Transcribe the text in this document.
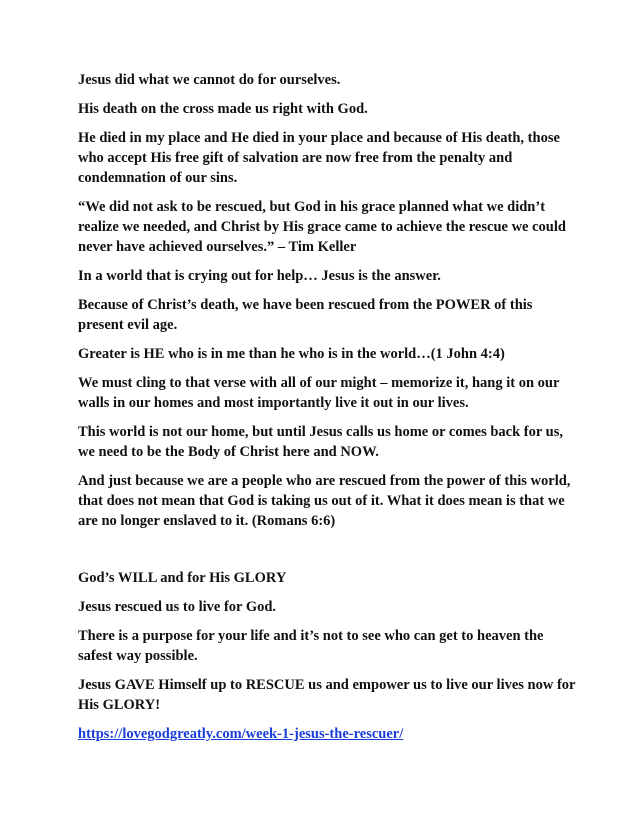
Jesus did what we cannot do for ourselves.

His death on the cross made us right with God.

He died in my place and He died in your place and because of His death, those who accept His free gift of salvation are now free from the penalty and condemnation of our sins.

“We did not ask to be rescued, but God in his grace planned what we didn’t realize we needed, and Christ by His grace came to achieve the rescue we could never have achieved ourselves.” – Tim Keller

In a world that is crying out for help… Jesus is the answer.

Because of Christ’s death, we have been rescued from the POWER of this present evil age.

Greater is HE who is in me than he who is in the world…(1 John 4:4)

We must cling to that verse with all of our might – memorize it, hang it on our walls in our homes and most importantly live it out in our lives.

This world is not our home, but until Jesus calls us home or comes back for us, we need to be the Body of Christ here and NOW.

And just because we are a people who are rescued from the power of this world, that does not mean that God is taking us out of it. What it does mean is that we are no longer enslaved to it. (Romans 6:6)

God’s WILL and for His GLORY

Jesus rescued us to live for God.

There is a purpose for your life and it’s not to see who can get to heaven the safest way possible.

Jesus GAVE Himself up to RESCUE us and empower us to live our lives now for His GLORY!

https://lovegodgreatly.com/week-1-jesus-the-rescuer/
